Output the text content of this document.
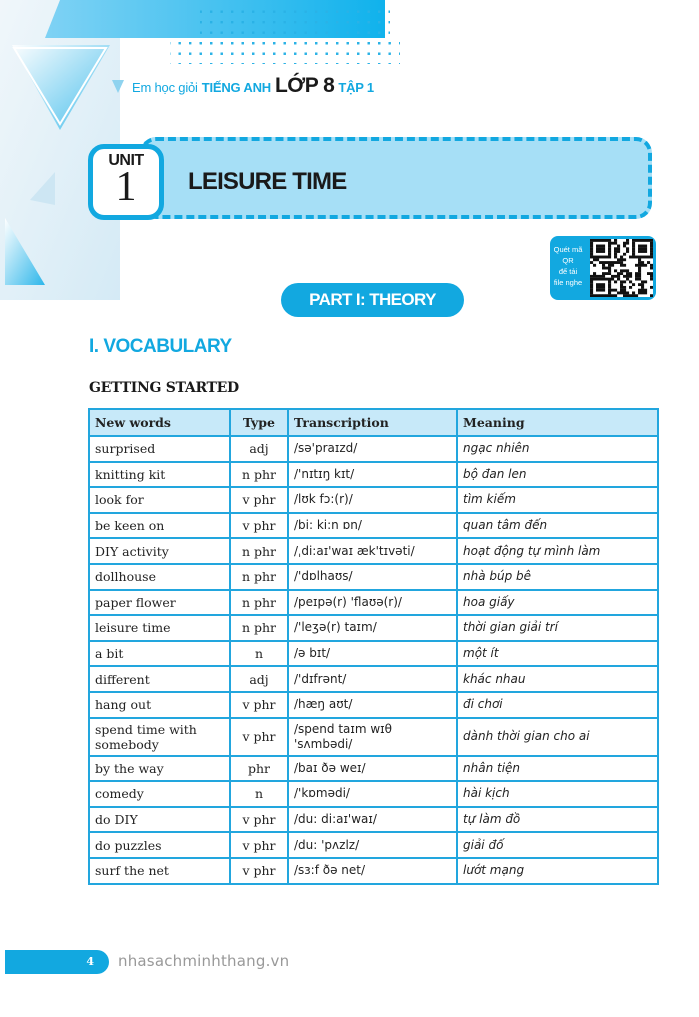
Em học giỏi TIẾNG ANH LỚP 8 TẬP 1
UNIT
1	LEISURE TIME
Quét mã
QR
để tải
file nghe
PART I: THEORY
I. VOCABULARY
GETTING STARTED
New words	Type	Transcription	Meaning
surprised	adj	/sə'praɪzd/	ngạc nhiên
knitting kit	n phr	/'nɪtɪŋ kɪt/	bộ đan len
look for	v phr	/lʊk fɔ:(r)/	tìm kiếm
be keen on	v phr	/bi: ki:n ɒn/	quan tâm đến
DIY activity	n phr	/ˌdi:aɪ'waɪ æk'tɪvəti/	hoạt động tự mình làm
dollhouse	n phr	/'dɒlhaʊs/	nhà búp bê
paper flower	n phr	/peɪpə(r) 'flaʊə(r)/	hoa giấy
leisure time	n phr	/'leʒə(r) taɪm/	thời gian giải trí
a bit	n	/ə bɪt/	một ít
different	adj	/'dɪfrənt/	khác nhau
hang out	v phr	/hæŋ aʊt/	đi chơi
spend time with somebody	v phr	/spend taɪm wɪθ 'sʌmbədi/	dành thời gian cho ai
by the way	phr	/baɪ ðə weɪ/	nhân tiện
comedy	n	/'kɒmədi/	hài kịch
do DIY	v phr	/du: di:aɪ'waɪ/	tự làm đồ
do puzzles	v phr	/du: 'pʌzlz/	giải đố
surf the net	v phr	/sɜ:f ðə net/	lướt mạng
4	nhasachminhthang.vn
